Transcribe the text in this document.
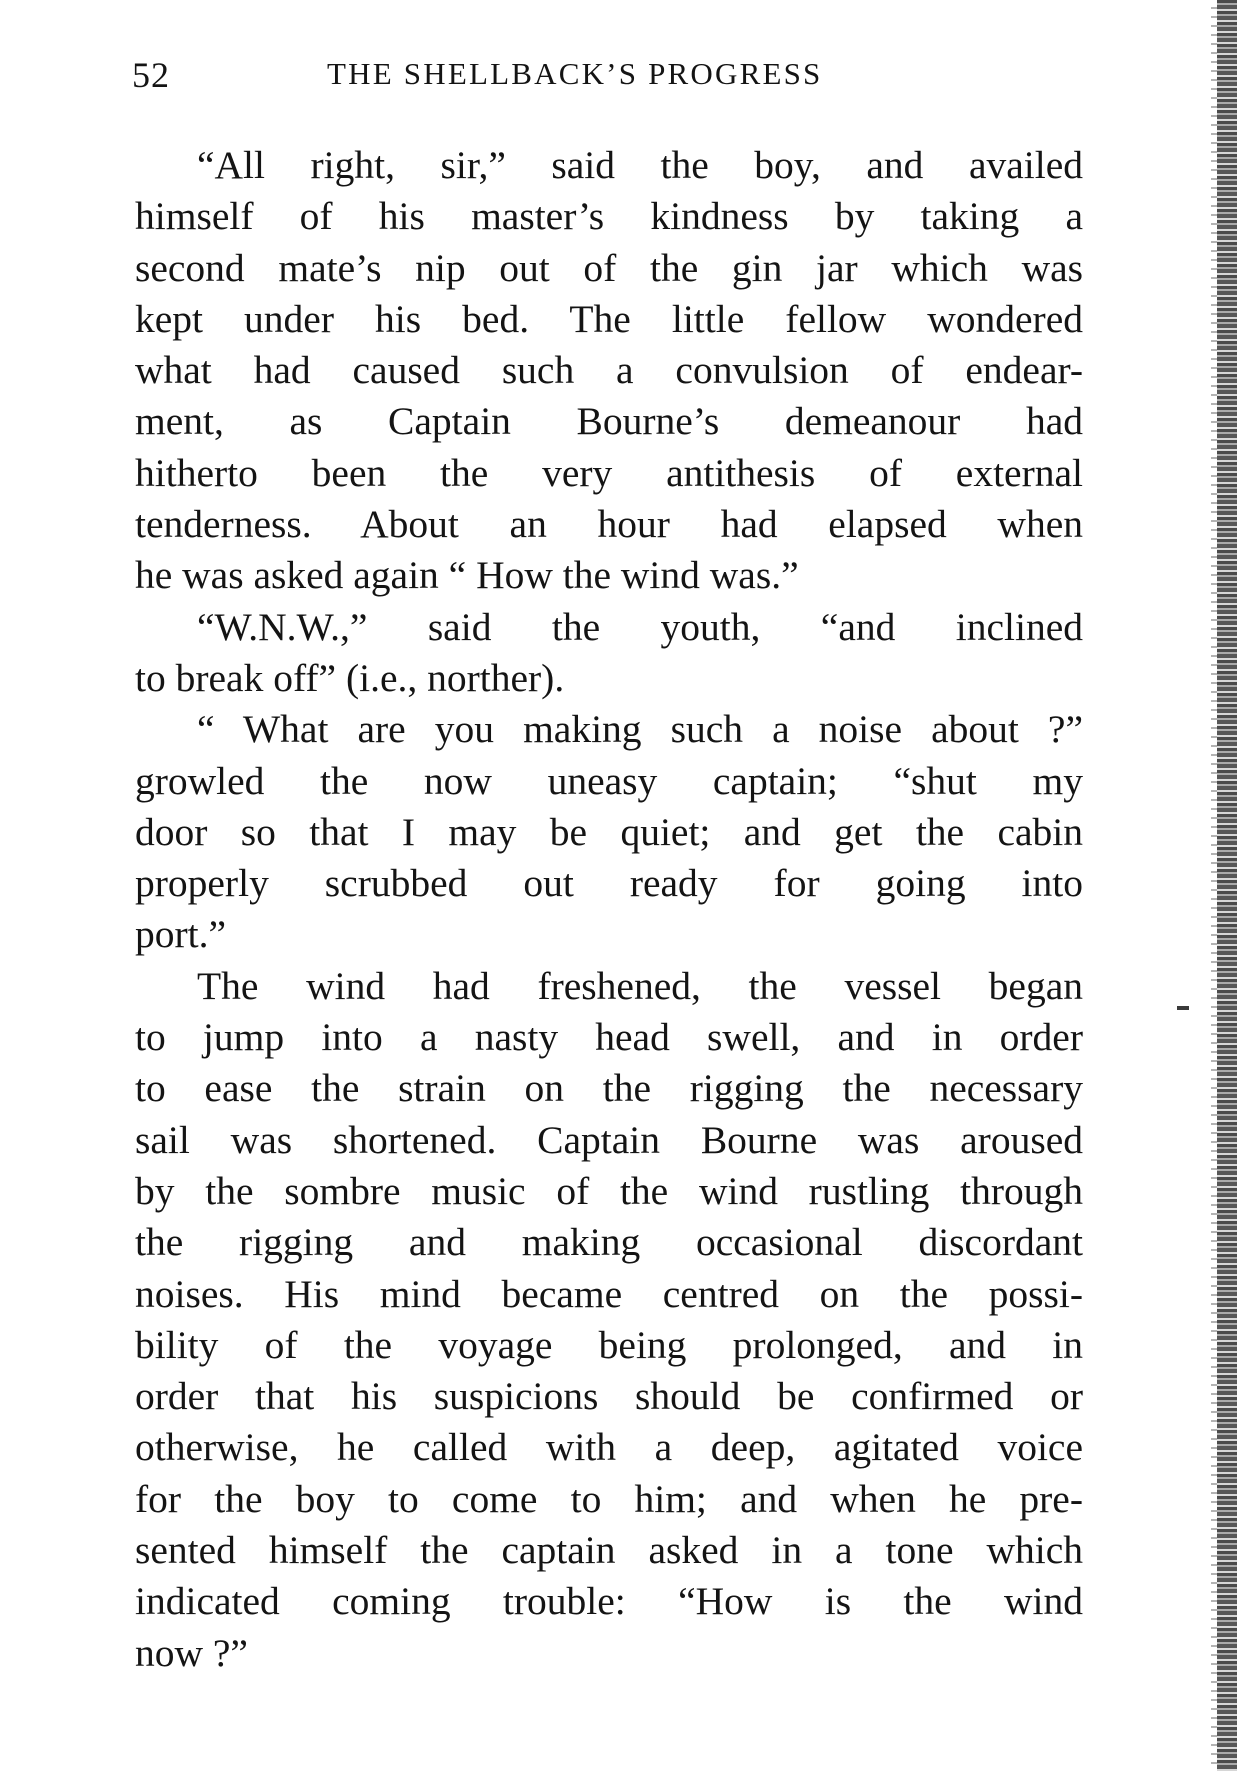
52	THE SHELLBACK’S PROGRESS
“All right, sir,” said the boy, and availed
himself of his master’s kindness by taking a
second mate’s nip out of the gin jar which was
kept under his bed. The little fellow wondered
what had caused such a convulsion of endear-
ment, as Captain Bourne’s demeanour had
hitherto been the very antithesis of external
tenderness. About an hour had elapsed when
he was asked again “ How the wind was.”
“W.N.W.,” said the youth, “and inclined
to break off” (i.e., norther).
“ What are you making such a noise about ?”
growled the now uneasy captain; “shut my
door so that I may be quiet; and get the cabin
properly scrubbed out ready for going into
port.”
The wind had freshened, the vessel began
to jump into a nasty head swell, and in order
to ease the strain on the rigging the necessary
sail was shortened. Captain Bourne was aroused
by the sombre music of the wind rustling through
the rigging and making occasional discordant
noises. His mind became centred on the possi-
bility of the voyage being prolonged, and in
order that his suspicions should be confirmed or
otherwise, he called with a deep, agitated voice
for the boy to come to him; and when he pre-
sented himself the captain asked in a tone which
indicated coming trouble: “How is the wind
now ?”
